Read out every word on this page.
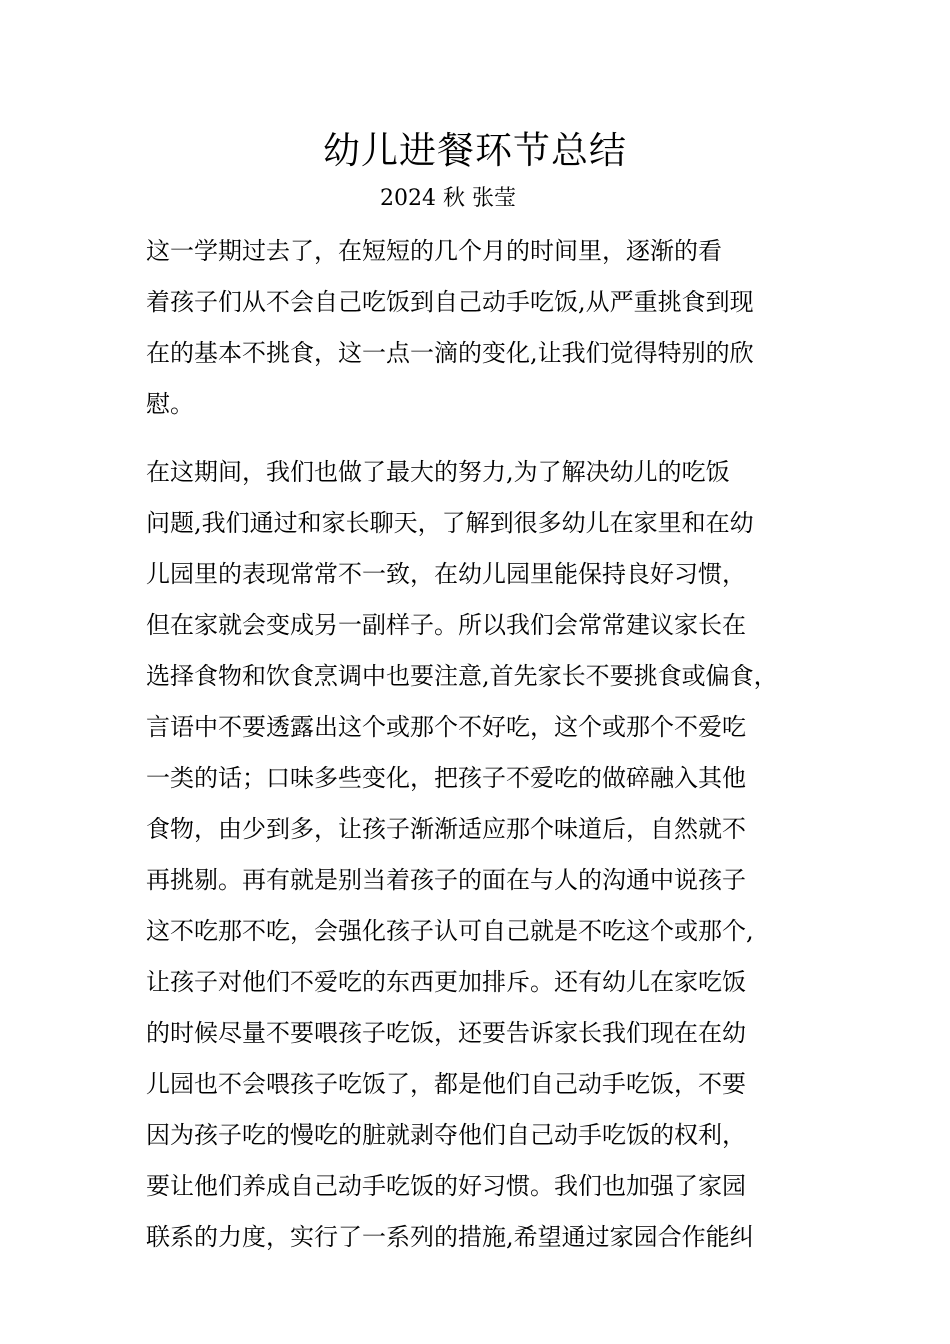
幼儿进餐环节总结
2024 秋 张莹
这一学期过去了，在短短的几个月的时间里，逐渐的看
着孩子们从不会自己吃饭到自己动手吃饭,从严重挑食到现
在的基本不挑食，这一点一滴的变化,让我们觉得特别的欣
慰。
在这期间，我们也做了最大的努力,为了解决幼儿的吃饭
问题,我们通过和家长聊天，了解到很多幼儿在家里和在幼
儿园里的表现常常不一致，在幼儿园里能保持良好习惯，
但在家就会变成另一副样子。所以我们会常常建议家长在
选择食物和饮食烹调中也要注意,首先家长不要挑食或偏食，
言语中不要透露出这个或那个不好吃，这个或那个不爱吃
一类的话；口味多些变化，把孩子不爱吃的做碎融入其他
食物，由少到多，让孩子渐渐适应那个味道后，自然就不
再挑剔。再有就是别当着孩子的面在与人的沟通中说孩子
这不吃那不吃，会强化孩子认可自己就是不吃这个或那个,
让孩子对他们不爱吃的东西更加排斥。还有幼儿在家吃饭
的时候尽量不要喂孩子吃饭，还要告诉家长我们现在在幼
儿园也不会喂孩子吃饭了，都是他们自己动手吃饭，不要
因为孩子吃的慢吃的脏就剥夺他们自己动手吃饭的权利，
要让他们养成自己动手吃饭的好习惯。我们也加强了家园
联系的力度，实行了一系列的措施,希望通过家园合作能纠
